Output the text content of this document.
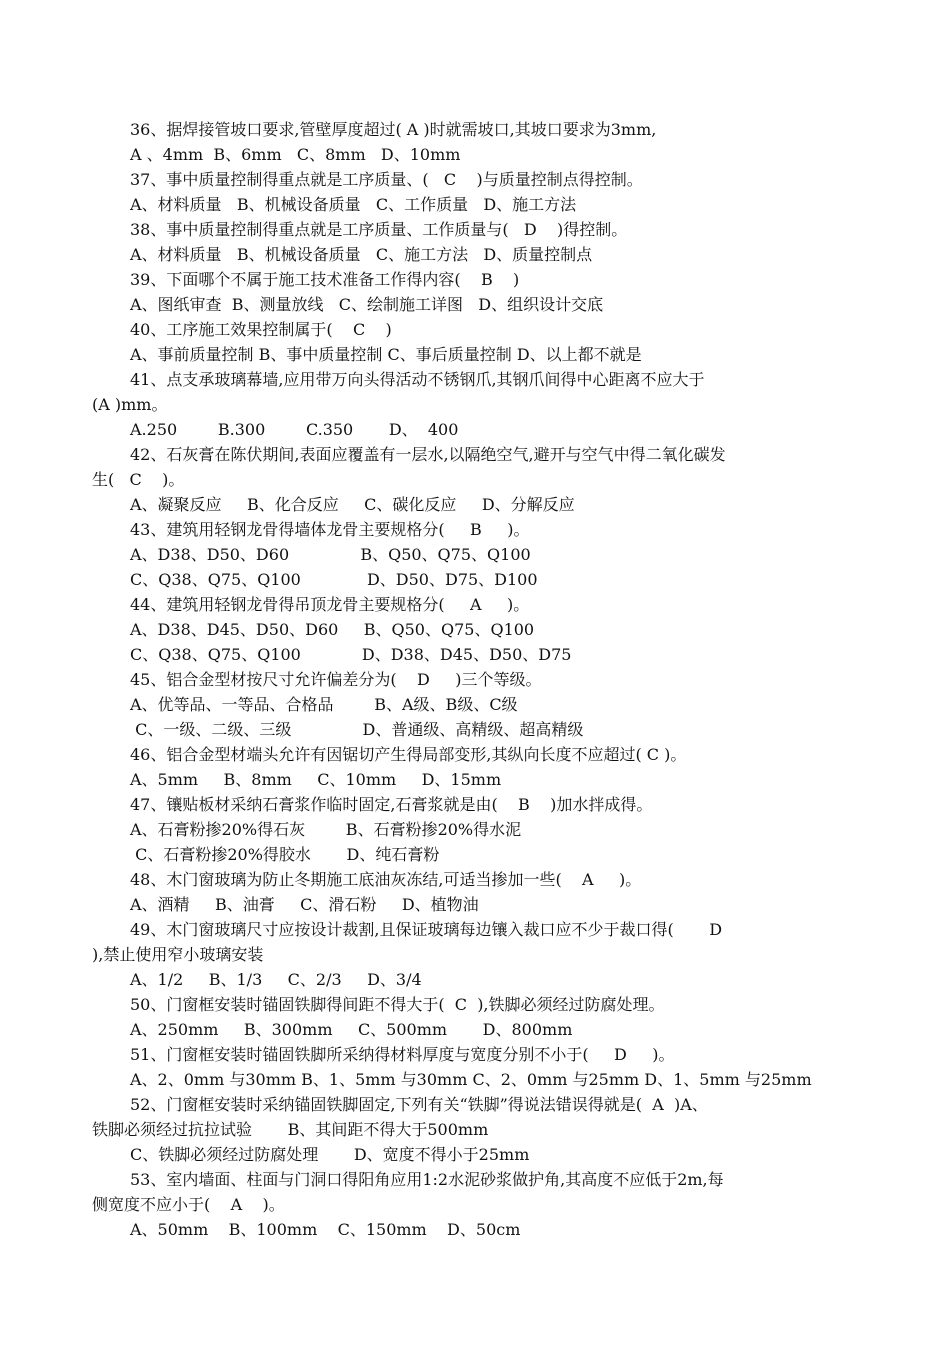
36、据焊接管坡口要求,管壁厚度超过( A )时就需坡口,其坡口要求为3mm,
A 、4mm  B、6mm   C、8mm   D、10mm
37、事中质量控制得重点就是工序质量、(   C    )与质量控制点得控制。
A、材料质量   B、机械设备质量   C、工作质量   D、施工方法
38、事中质量控制得重点就是工序质量、工作质量与(   D    )得控制。
A、材料质量   B、机械设备质量   C、施工方法   D、质量控制点
39、下面哪个不属于施工技术准备工作得内容(    B    )
A、图纸审查  B、测量放线   C、绘制施工详图   D、组织设计交底
40、工序施工效果控制属于(    C    )
A、事前质量控制 B、事中质量控制 C、事后质量控制 D、以上都不就是
41、点支承玻璃幕墙,应用带万向头得活动不锈钢爪,其钢爪间得中心距离不应大于
(A )mm。
A.250        B.300        C.350       D、  400
42、石灰膏在陈伏期间,表面应覆盖有一层水,以隔绝空气,避开与空气中得二氧化碳发
生(   C    )。
A、凝聚反应     B、化合反应     C、碳化反应     D、分解反应
43、建筑用轻钢龙骨得墙体龙骨主要规格分(     B     )。
A、D38、D50、D60              B、Q50、Q75、Q100
C、Q38、Q75、Q100             D、D50、D75、D100
44、建筑用轻钢龙骨得吊顶龙骨主要规格分(     A     )。
A、D38、D45、D50、D60     B、Q50、Q75、Q100
C、Q38、Q75、Q100            D、D38、D45、D50、D75
45、铝合金型材按尺寸允许偏差分为(    D     )三个等级。
A、优等品、一等品、合格品        B、A级、B级、C级
C、一级、二级、三级              D、普通级、高精级、超高精级
46、铝合金型材端头允许有因锯切产生得局部变形,其纵向长度不应超过( C )。
A、5mm     B、8mm     C、10mm     D、15mm
47、镶贴板材采纳石膏浆作临时固定,石膏浆就是由(    B    )加水拌成得。
A、石膏粉掺20%得石灰        B、石膏粉掺20%得水泥
C、石膏粉掺20%得胶水       D、纯石膏粉
48、木门窗玻璃为防止冬期施工底油灰冻结,可适当掺加一些(    A     )。
A、酒精     B、油膏     C、滑石粉     D、植物油
49、木门窗玻璃尺寸应按设计裁割,且保证玻璃每边镶入裁口应不少于裁口得(       D
),禁止使用窄小玻璃安装
A、1/2     B、1/3     C、2/3     D、3/4
50、门窗框安装时锚固铁脚得间距不得大于(  C  ),铁脚必须经过防腐处理。
A、250mm     B、300mm     C、500mm       D、800mm
51、门窗框安装时锚固铁脚所采纳得材料厚度与宽度分别不小于(     D     )。
A、2、0mm 与30mm B、1、5mm 与30mm C、2、0mm 与25mm D、1、5mm 与25mm
52、门窗框安装时采纳锚固铁脚固定,下列有关“铁脚”得说法错误得就是(  A  )A、
铁脚必须经过抗拉试验       B、其间距不得大于500mm
C、铁脚必须经过防腐处理       D、宽度不得小于25mm
53、室内墙面、柱面与门洞口得阳角应用1:2水泥砂浆做护角,其高度不应低于2m,每
侧宽度不应小于(    A    )。
A、50mm    B、100mm    C、150mm    D、50cm
